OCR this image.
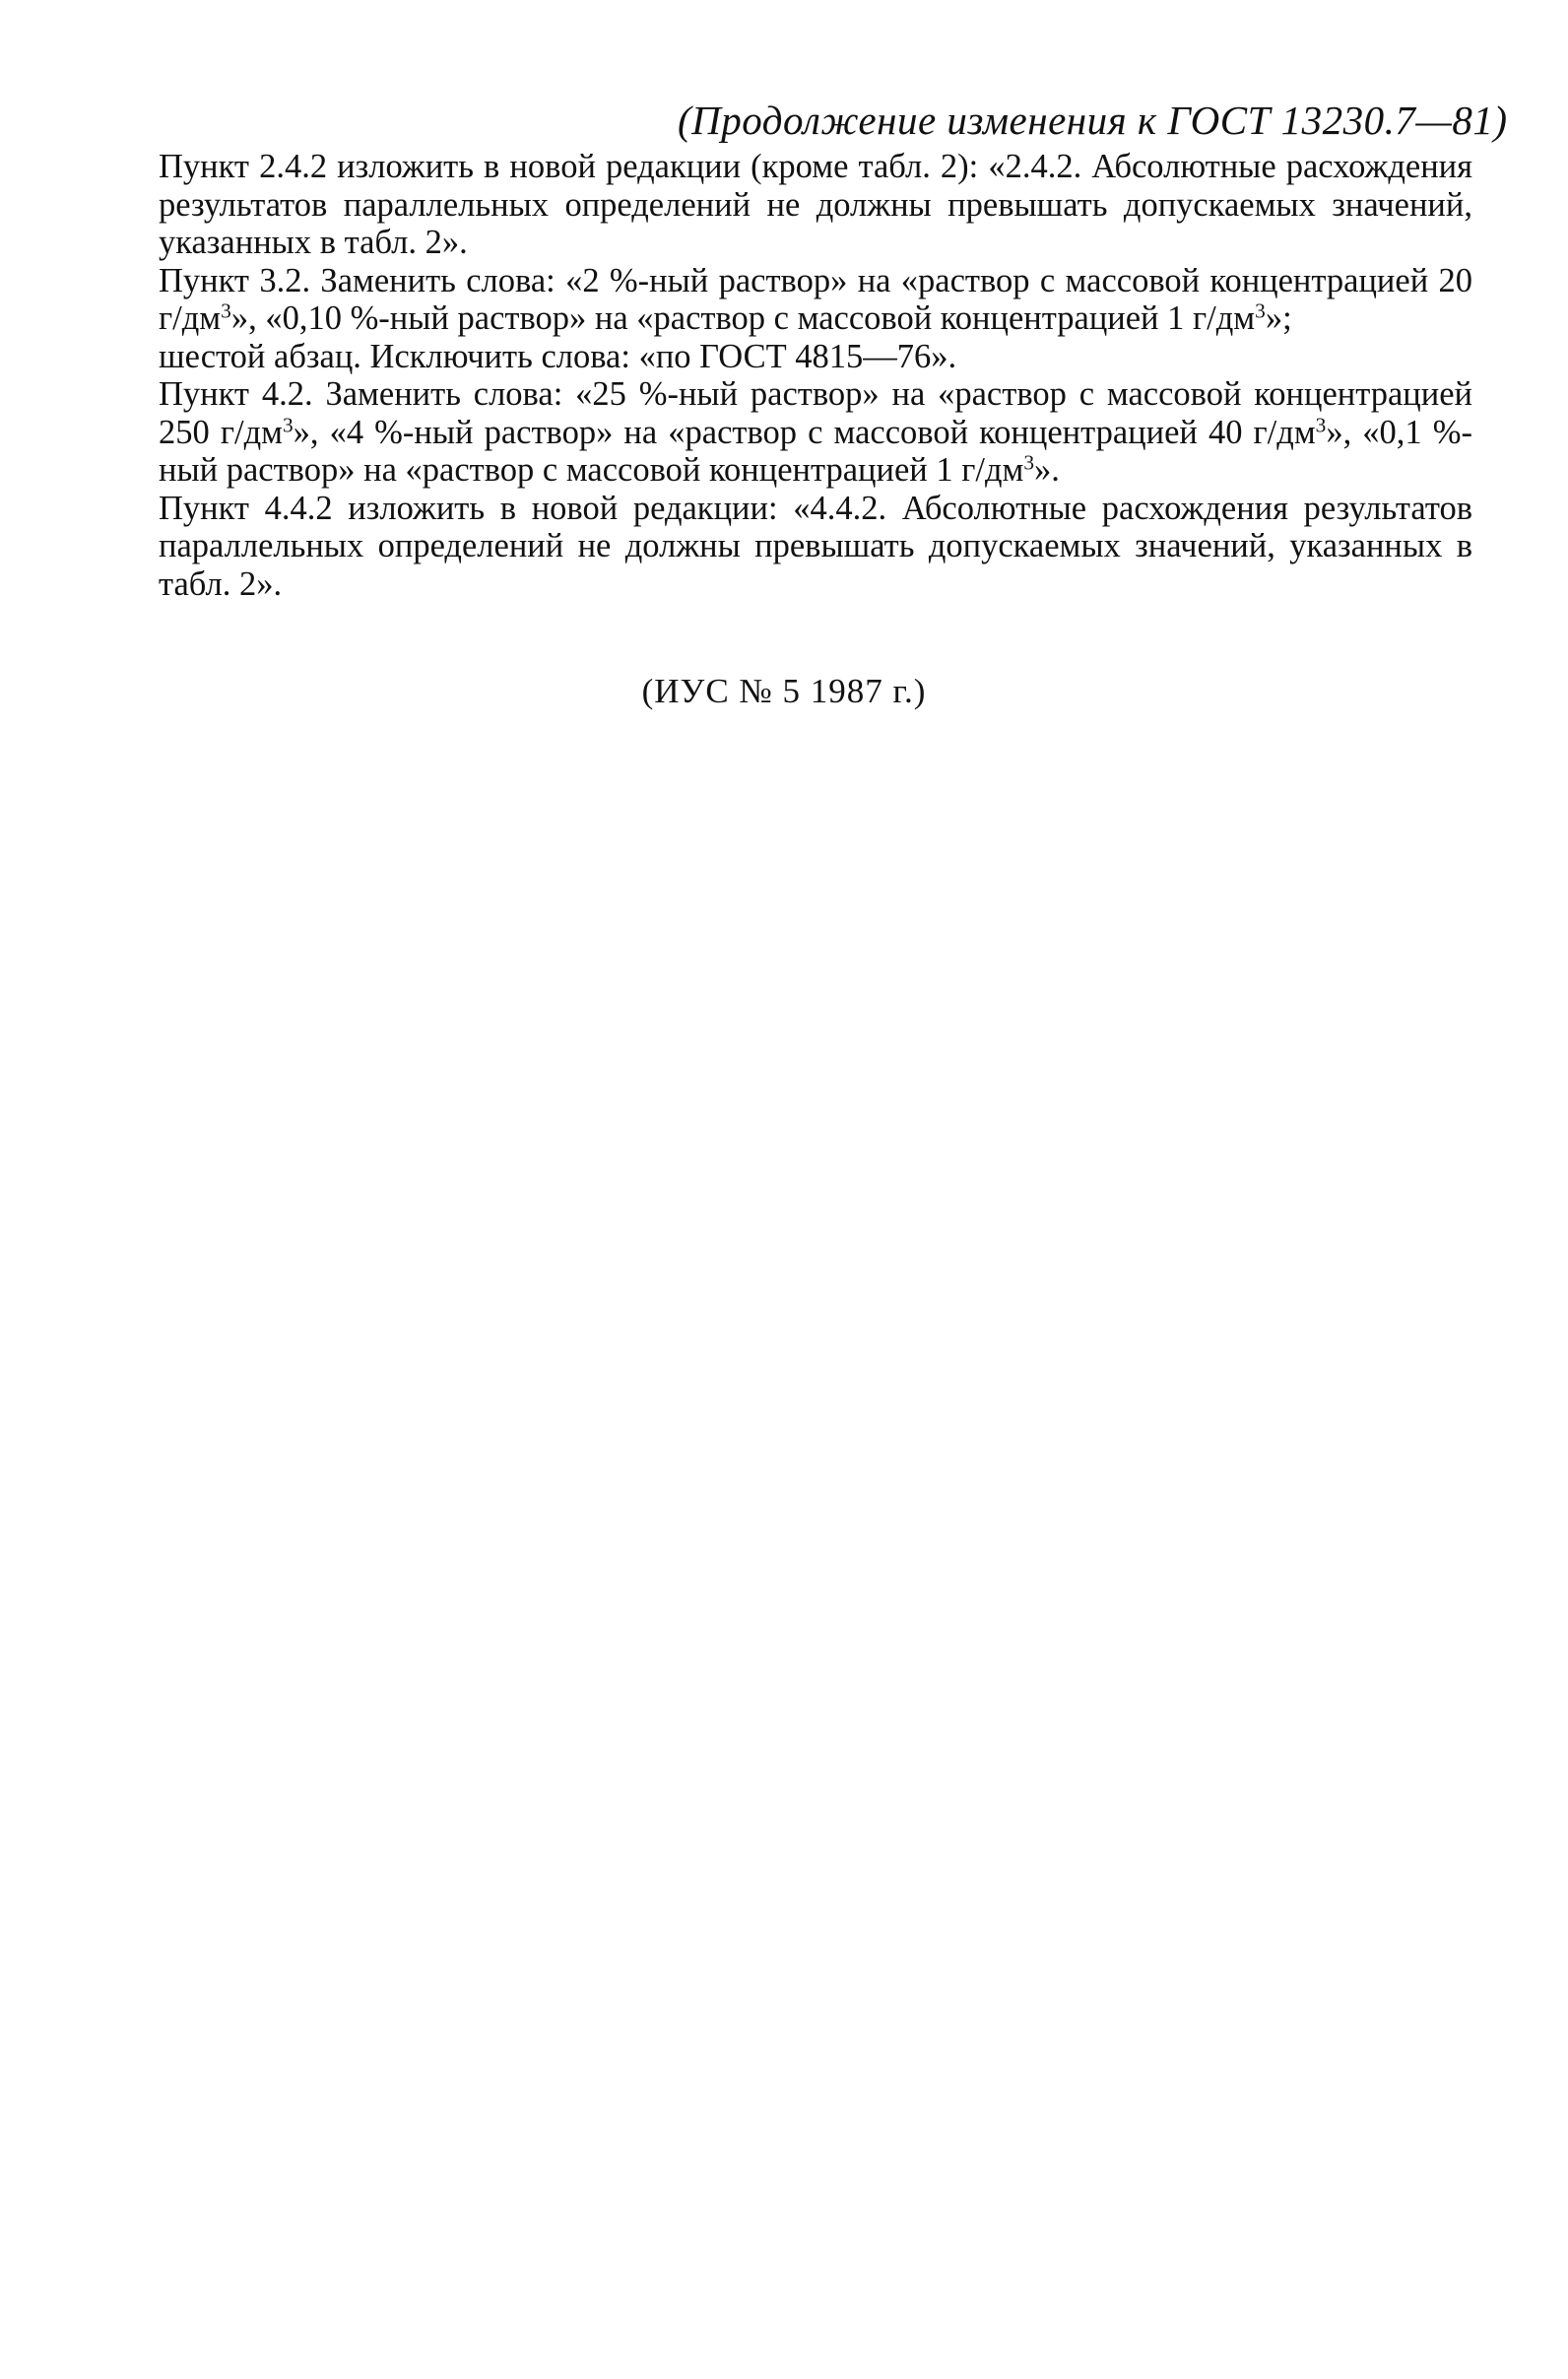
(Продолжение изменения к ГОСТ 13230.7—81)

Пункт 2.4.2 изложить в новой редакции (кроме табл. 2): «2.4.2. Абсолютные расхождения результатов параллельных определений не должны превышать допускаемых значений, указанных в табл. 2».

Пункт 3.2. Заменить слова: «2 %-ный раствор» на «раствор с массовой концентрацией 20 $г/дм^3$», «0,10 %-ный раствор» на «раствор с массовой концентрацией 1 $г/дм^3$»;

шестой абзац. Исключить слова: «по ГОСТ 4815—76».

Пункт 4.2. Заменить слова: «25 %-ный раствор» на «раствор с массовой концентрацией 250 $г/дм^3$», «4 %-ный раствор» на «раствор с массовой концентрацией 40 $г/дм^3$», «0,1 %-ный раствор» на «раствор с массовой концентрацией 1 $г/дм^3$».

Пункт 4.4.2 изложить в новой редакции: «4.4.2. Абсолютные расхождения результатов параллельных определений не должны превышать допускаемых значений, указанных в табл. 2».

(ИУС № 5 1987 г.)
